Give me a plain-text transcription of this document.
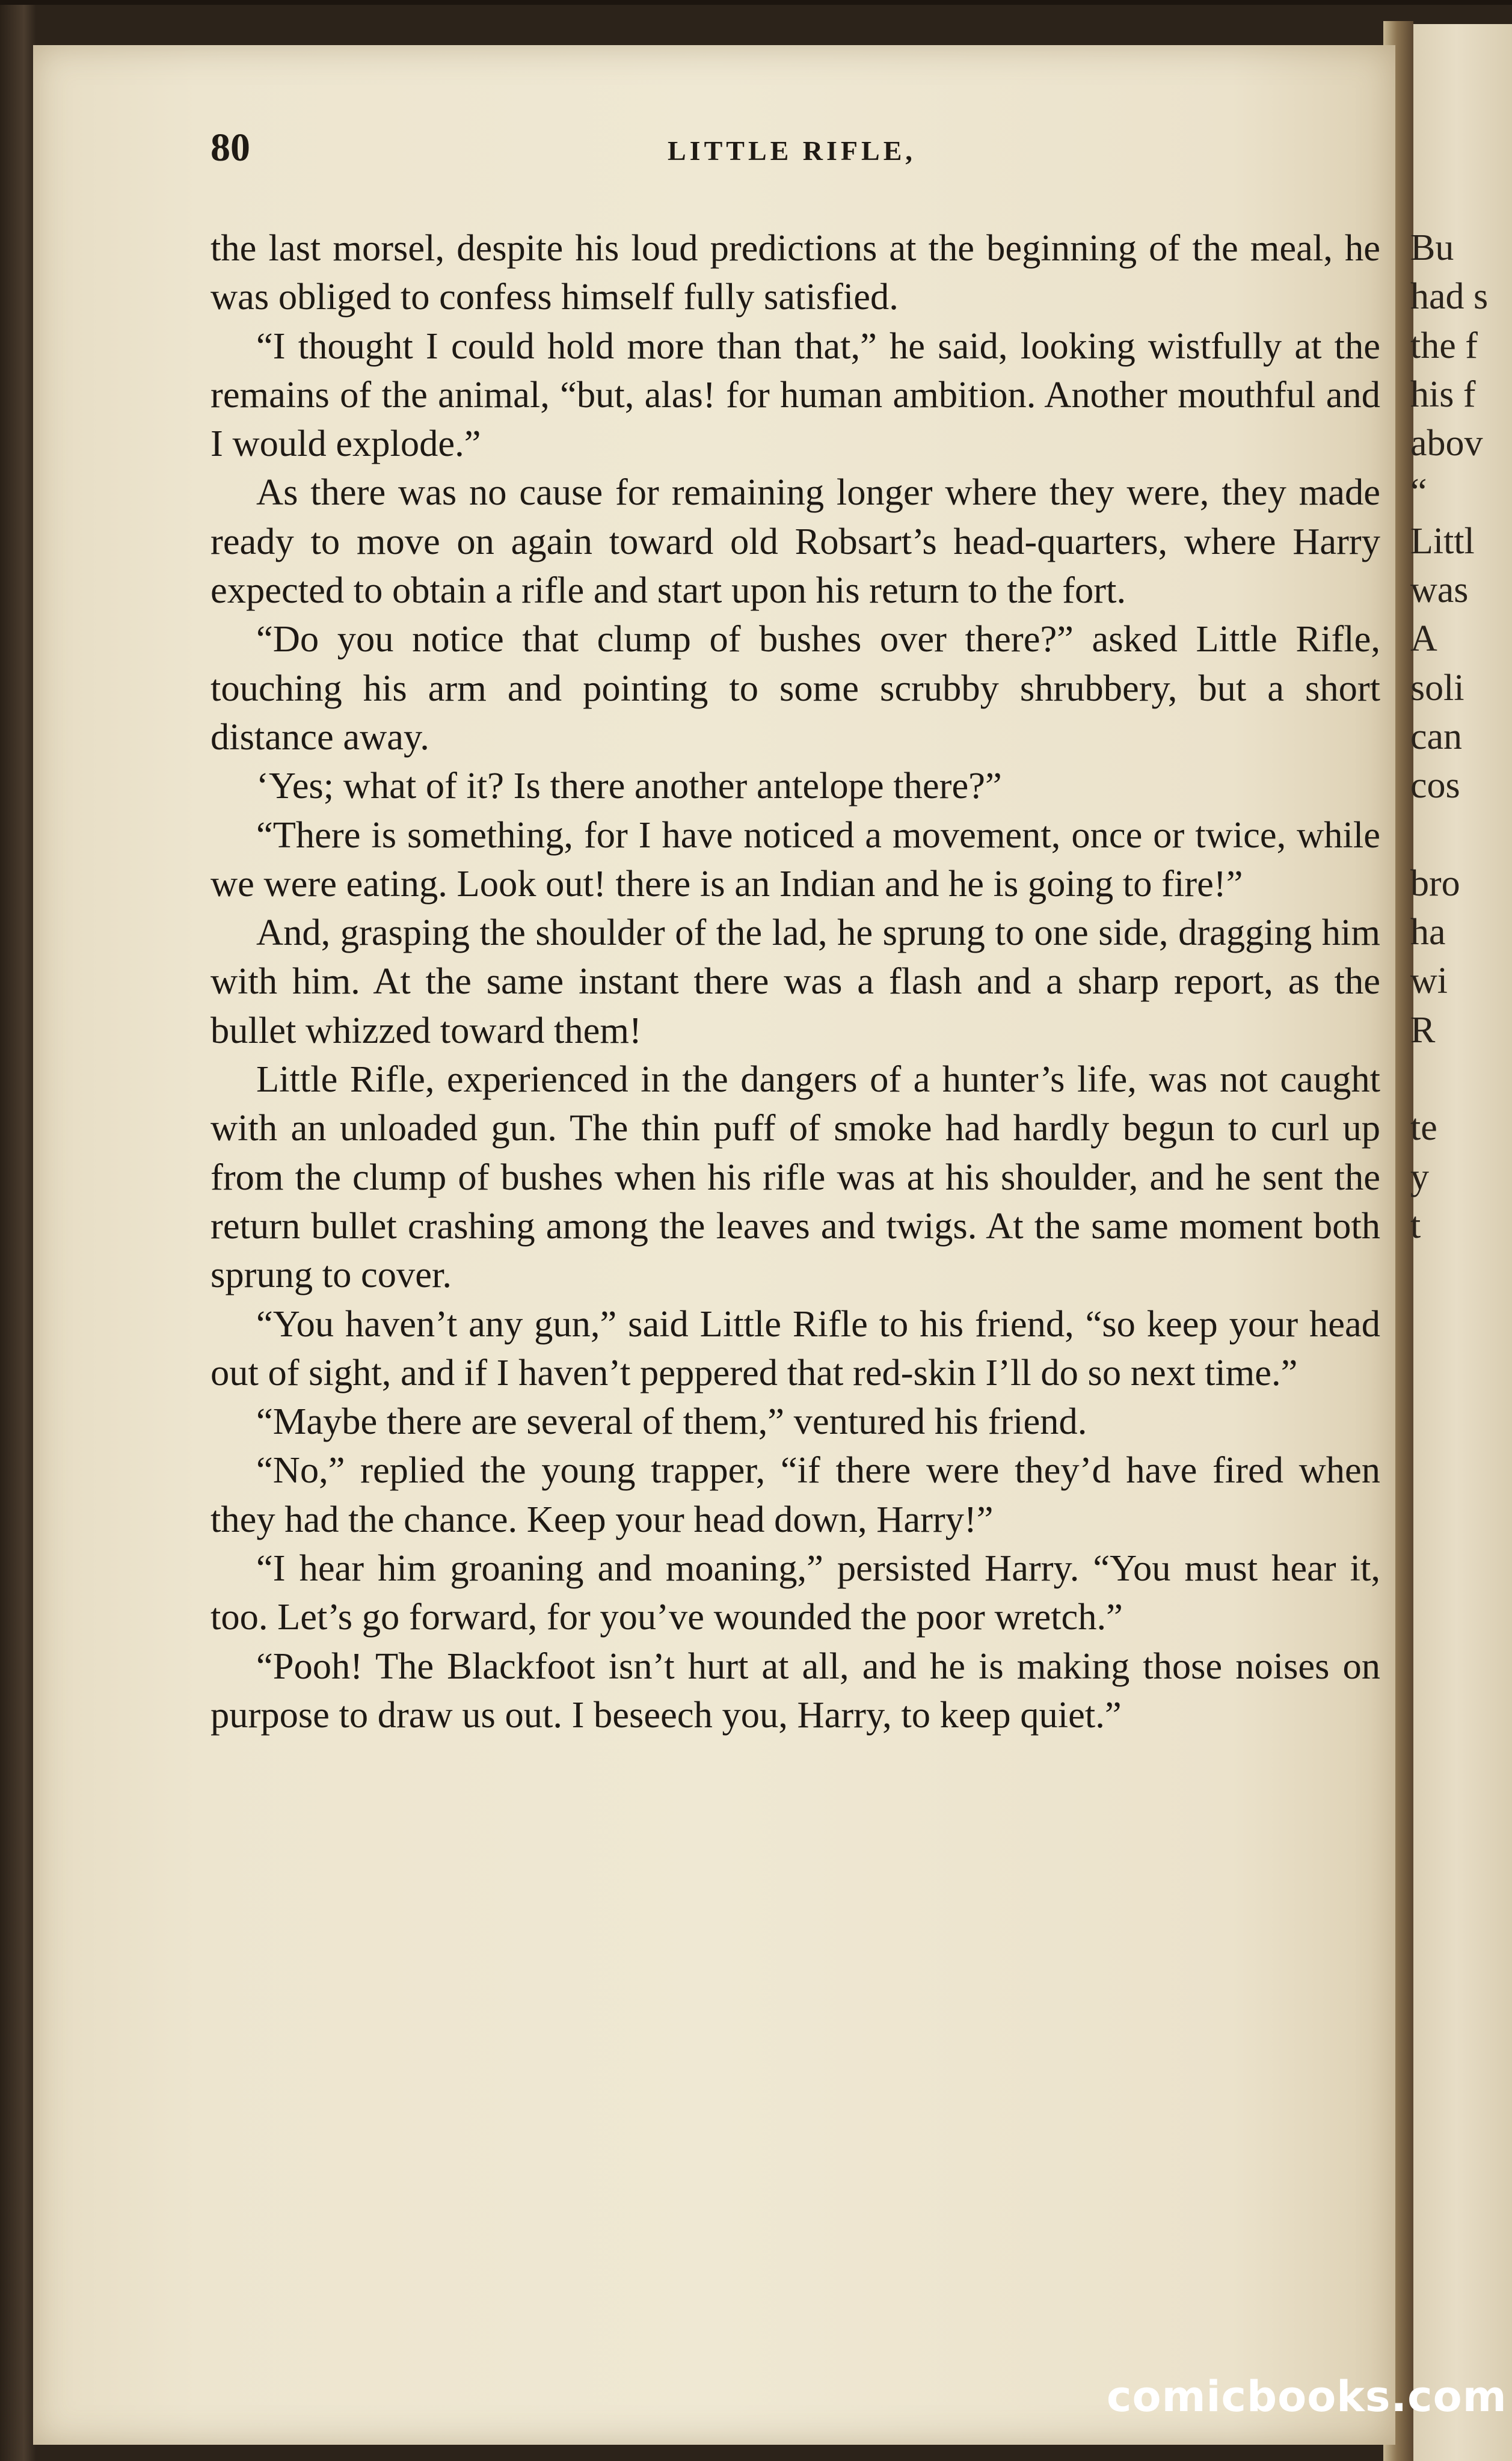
80	LITTLE RIFLE,

the last morsel, despite his loud predictions at the beginning of the meal, he was obliged to confess himself fully satisfied.

“I thought I could hold more than that,” he said, looking wistfully at the remains of the animal, “but, alas! for human ambition. Another mouthful and I would explode.”

As there was no cause for remaining longer where they were, they made ready to move on again toward old Robsart’s head-quarters, where Harry expected to obtain a rifle and start upon his return to the fort.

“Do you notice that clump of bushes over there?” asked Little Rifle, touching his arm and pointing to some scrubby shrubbery, but a short distance away.

‘Yes; what of it? Is there another antelope there?”

“There is something, for I have noticed a movement, once or twice, while we were eating. Look out! there is an Indian and he is going to fire!”

And, grasping the shoulder of the lad, he sprung to one side, dragging him with him. At the same instant there was a flash and a sharp report, as the bullet whizzed toward them!

Little Rifle, experienced in the dangers of a hunter’s life, was not caught with an unloaded gun. The thin puff of smoke had hardly begun to curl up from the clump of bushes when his rifle was at his shoulder, and he sent the return bullet crashing among the leaves and twigs. At the same moment both sprung to cover.

“You haven’t any gun,” said Little Rifle to his friend, “so keep your head out of sight, and if I haven’t peppered that red-skin I’ll do so next time.”

“Maybe there are several of them,” ventured his friend.

“No,” replied the young trapper, “if there were they’d have fired when they had the chance. Keep your head down, Harry!”

“I hear him groaning and moaning,” persisted Harry. “You must hear it, too. Let’s go forward, for you’ve wounded the poor wretch.”

“Pooh! The Blackfoot isn’t hurt at all, and he is making those noises on purpose to draw us out. I beseech you, Harry, to keep quiet.”

Bu
had s
the f
his f
abov
“
Littl
was
A
soli
can
cos
bro
ha
wi
R
te
y
t
comicbooks.com
